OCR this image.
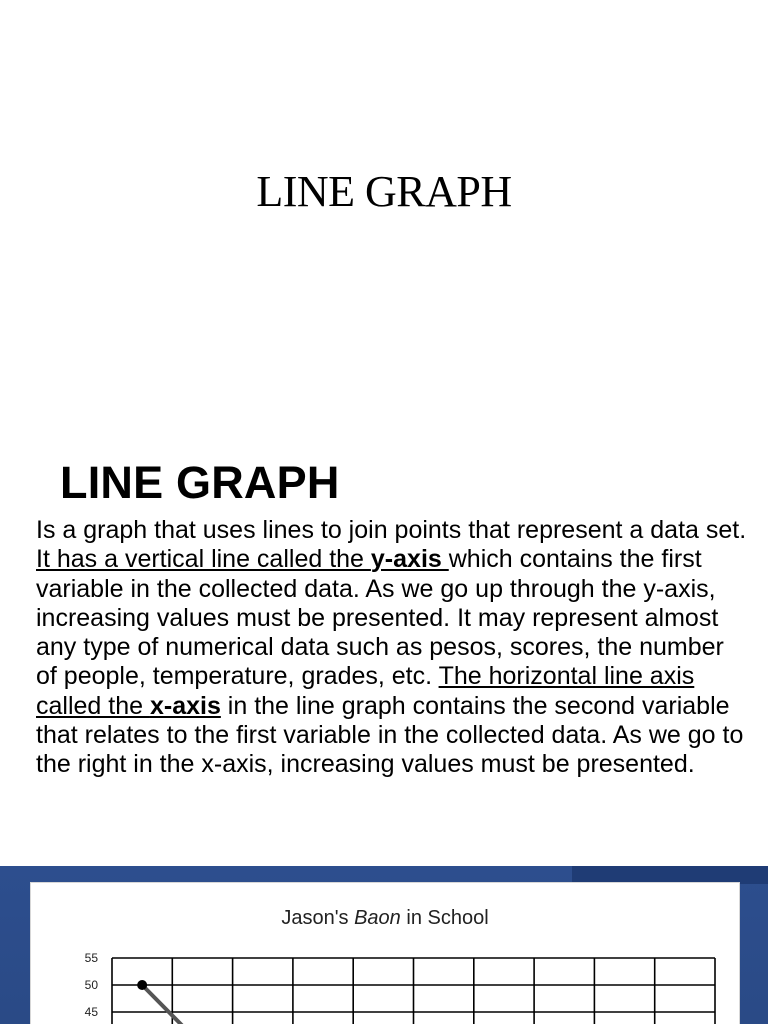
LINE GRAPH
LINE GRAPH
Is a graph that uses lines to join points that represent a data set. It has a vertical line called the y-axis which contains the first variable in the collected data. As we go up through the y-axis, increasing values must be presented. It may represent almost any type of numerical data such as pesos, scores, the number of people, temperature, grades, etc. The horizontal line axis called the x-axis in the line graph contains the second variable that relates to the first variable in the collected data. As we go to the right in the x-axis, increasing values must be presented.
Jason's Baon in School
55
50
45
